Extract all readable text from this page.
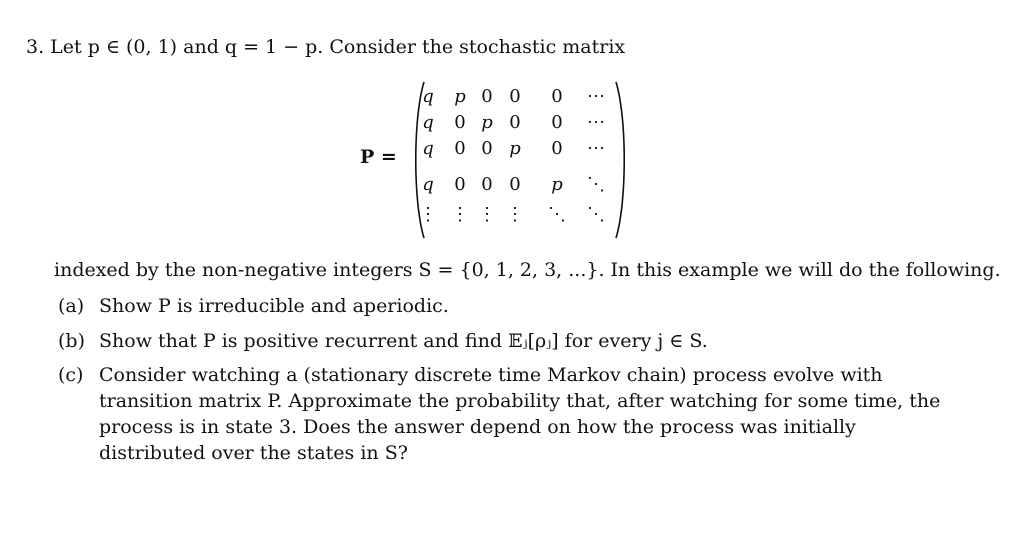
3. Let p ∈ (0, 1) and q = 1 − p. Consider the stochastic matrix
P =
q	p 0 0	0	⋯
q	0 p 0	0	⋯
q	0 0 p	0	⋯
q	0 0 0	p	⋱
⋮ ⋮ ⋮ ⋮ ⋱ ⋱
indexed by the non-negative integers S = {0, 1, 2, 3, ...}. In this example we will do the following.
(a) Show P is irreducible and aperiodic.
(b) Show that P is positive recurrent and find 𝔼ⱼ[ρⱼ] for every j ∈ S.
(c) Consider watching a (stationary discrete time Markov chain) process evolve with transition matrix P. Approximate the probability that, after watching for some time, the process is in state 3. Does the answer depend on how the process was initially distributed over the states in S?
